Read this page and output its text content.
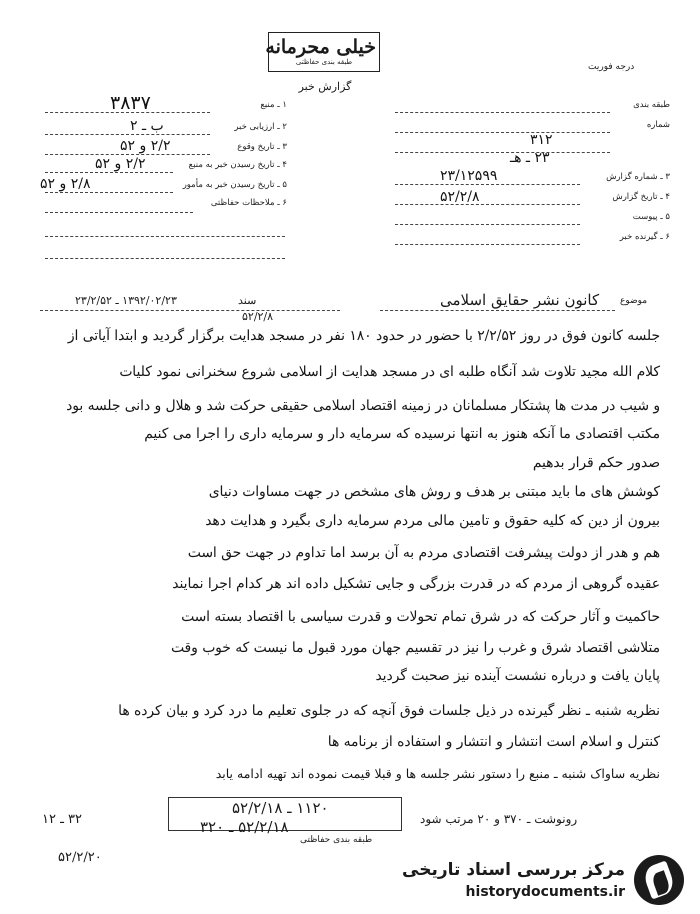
خیلی محرمانه
طبقه بندی حفاظتی
گزارش خبر
درجه فوریت
۱ ـ منبع
۳۸۳۷
۲ ـ ارزیابی خبر
ب ـ ۲
۳ ـ تاریخ وقوع
۲/۲ و ۵۲
۴ ـ تاریخ رسیدن خبر به منبع
۲/۲ و ۵۲
۵ ـ تاریخ رسیدن خبر به مأمور
۲/۸ و ۵۲
۶ ـ ملاحظات حفاظتی
طبقه بندی
۳۱۲
شماره
۲۳ ـ هـ
۳ ـ شماره گزارش
۲۳/۱۲۵۹۹
۴ ـ تاریخ گزارش
۵۲/۲/۸
۵ ـ پیوست
۶ ـ گیرنده خبر
موضوع
کانون نشر حقایق اسلامی
سند
۱۳۹۲/۰۲/۲۳ ـ ۲۳/۲/۵۲
۵۲/۲/۸
جلسه کانون فوق در روز ۲/۲/۵۲ با حضور در حدود ۱۸۰ نفر در مسجد هدایت برگزار گردید و ابتدا آیاتی از
کلام الله مجید تلاوت شد آنگاه طلبه ای در مسجد هدایت از اسلامی شروع سخنرانی نمود کلیات
و شیب در مدت ها پشتکار مسلمانان در زمینه اقتصاد اسلامی حقیقی حرکت شد و هلال و دانی جلسه بود
مکتب اقتصادی ما آنکه هنوز به انتها نرسیده که سرمایه دار و سرمایه داری را اجرا می کنیم
صدور حکم قرار بدهیم
کوشش های ما باید مبتنی بر هدف و روش های مشخص در جهت مساوات دنیای
بیرون از دین که کلیه حقوق و تامین مالی مردم سرمایه داری بگیرد و هدایت دهد
هم و هدر از دولت پیشرفت اقتصادی مردم به آن برسد اما تداوم در جهت حق است
عقیده گروهی از مردم که در قدرت بزرگی و جایی تشکیل داده اند هر کدام اجرا نمایند
حاکمیت و آثار حرکت که در شرق تمام تحولات و قدرت سیاسی با اقتصاد بسته است
متلاشی اقتصاد شرق و غرب را نیز در تقسیم جهان مورد قبول ما نیست که خوب وقت
پایان یافت و درباره نشست آینده نیز صحبت گردید
نظریه شنبه ـ نظر گیرنده در ذیل جلسات فوق آنچه که در جلوی تعلیم ما درد کرد و بیان کرده ها
کنترل و اسلام است انتشار و انتشار و استفاده از برنامه ها
نظریه ساواک شنبه ـ منبع را دستور نشر جلسه ها و قبلا قیمت نموده اند تهیه ادامه یابد
۱۱۲۰ ـ ۵۲/۲/۱۸
۵۲/۲/۱۸ ـ ۳۲۰
طبقه بندی حفاظتی
رونوشت ـ ۳۷۰ و ۲۰ مرتب شود
۳۲ ـ ۱۲
۵۲/۲/۲۰
مرکز بررسی اسناد تاریخی
historydocuments.ir
